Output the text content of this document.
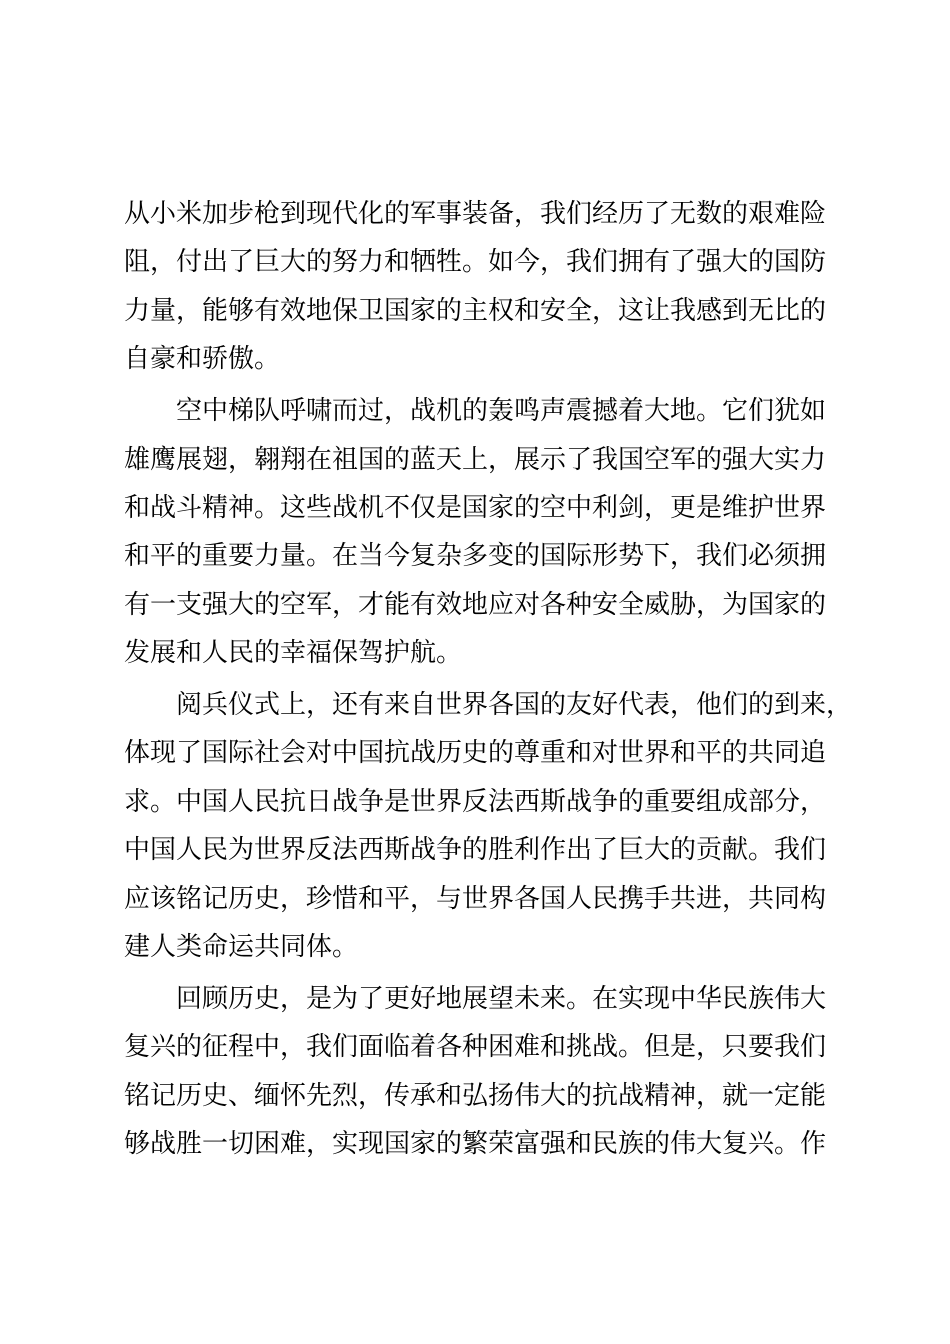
从小米加步枪到现代化的军事装备，我们经历了无数的艰难险
阻，付出了巨大的努力和牺牲。如今，我们拥有了强大的国防
力量，能够有效地保卫国家的主权和安全，这让我感到无比的
自豪和骄傲。

空中梯队呼啸而过，战机的轰鸣声震撼着大地。它们犹如
雄鹰展翅，翱翔在祖国的蓝天上，展示了我国空军的强大实力
和战斗精神。这些战机不仅是国家的空中利剑，更是维护世界
和平的重要力量。在当今复杂多变的国际形势下，我们必须拥
有一支强大的空军，才能有效地应对各种安全威胁，为国家的
发展和人民的幸福保驾护航。

阅兵仪式上，还有来自世界各国的友好代表，他们的到来，
体现了国际社会对中国抗战历史的尊重和对世界和平的共同追
求。中国人民抗日战争是世界反法西斯战争的重要组成部分，
中国人民为世界反法西斯战争的胜利作出了巨大的贡献。我们
应该铭记历史，珍惜和平，与世界各国人民携手共进，共同构
建人类命运共同体。

回顾历史，是为了更好地展望未来。在实现中华民族伟大
复兴的征程中，我们面临着各种困难和挑战。但是，只要我们
铭记历史、缅怀先烈，传承和弘扬伟大的抗战精神，就一定能
够战胜一切困难，实现国家的繁荣富强和民族的伟大复兴。作
